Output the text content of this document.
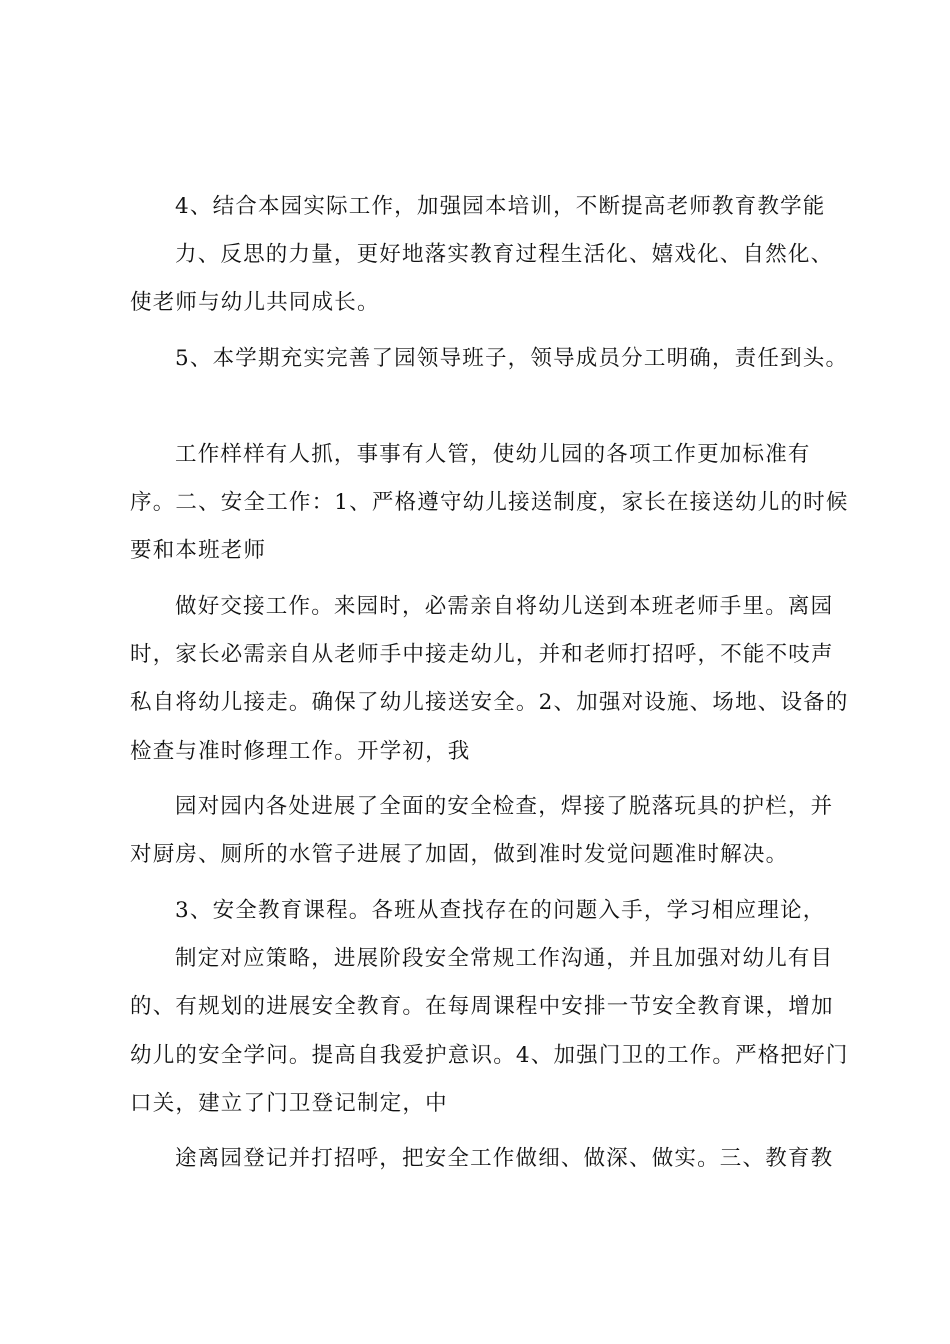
4、结合本园实际工作，加强园本培训，不断提高老师教育教学能
力、反思的力量，更好地落实教育过程生活化、嬉戏化、自然化、
使老师与幼儿共同成长。
5、本学期充实完善了园领导班子，领导成员分工明确，责任到头。
工作样样有人抓，事事有人管，使幼儿园的各项工作更加标准有
序。二、安全工作：1、严格遵守幼儿接送制度，家长在接送幼儿的时候
要和本班老师
做好交接工作。来园时，必需亲自将幼儿送到本班老师手里。离园
时，家长必需亲自从老师手中接走幼儿，并和老师打招呼，不能不吱声
私自将幼儿接走。确保了幼儿接送安全。2、加强对设施、场地、设备的
检查与准时修理工作。开学初，我
园对园内各处进展了全面的安全检查，焊接了脱落玩具的护栏，并
对厨房、厕所的水管子进展了加固，做到准时发觉问题准时解决。
3、安全教育课程。各班从查找存在的问题入手，学习相应理论，
制定对应策略，进展阶段安全常规工作沟通，并且加强对幼儿有目
的、有规划的进展安全教育。在每周课程中安排一节安全教育课，增加
幼儿的安全学问。提高自我爱护意识。4、加强门卫的工作。严格把好门
口关，建立了门卫登记制定，中
途离园登记并打招呼，把安全工作做细、做深、做实。三、教育教
